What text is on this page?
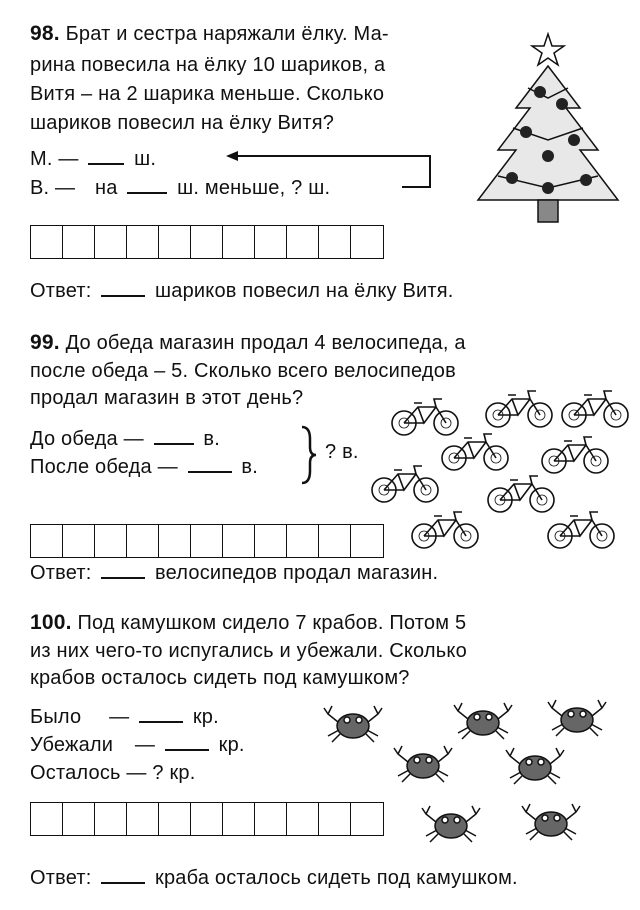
98. Брат и сестра наряжали ёлку. Ма-
рина повесила на ёлку 10 шариков, а
Витя – на 2 шарика меньше. Сколько
шариков повесил на ёлку Витя?
М. —	ш.
В. — на	ш. меньше, ? ш.
Ответ:	шариков повесил на ёлку Витя.
99. До обеда магазин продал 4 велосипеда, а
после обеда – 5. Сколько всего велосипедов
продал магазин в этот день?
До обеда —	в.
После обеда —	в.
? в.
Ответ:	велосипедов продал магазин.
100. Под камушком сидело 7 крабов. Потом 5
из них чего-то испугались и убежали. Сколько
крабов осталось сидеть под камушком?
Было —	кр.
Убежали —	кр.
Осталось — ? кр.
Ответ:	краба осталось сидеть под камушком.
